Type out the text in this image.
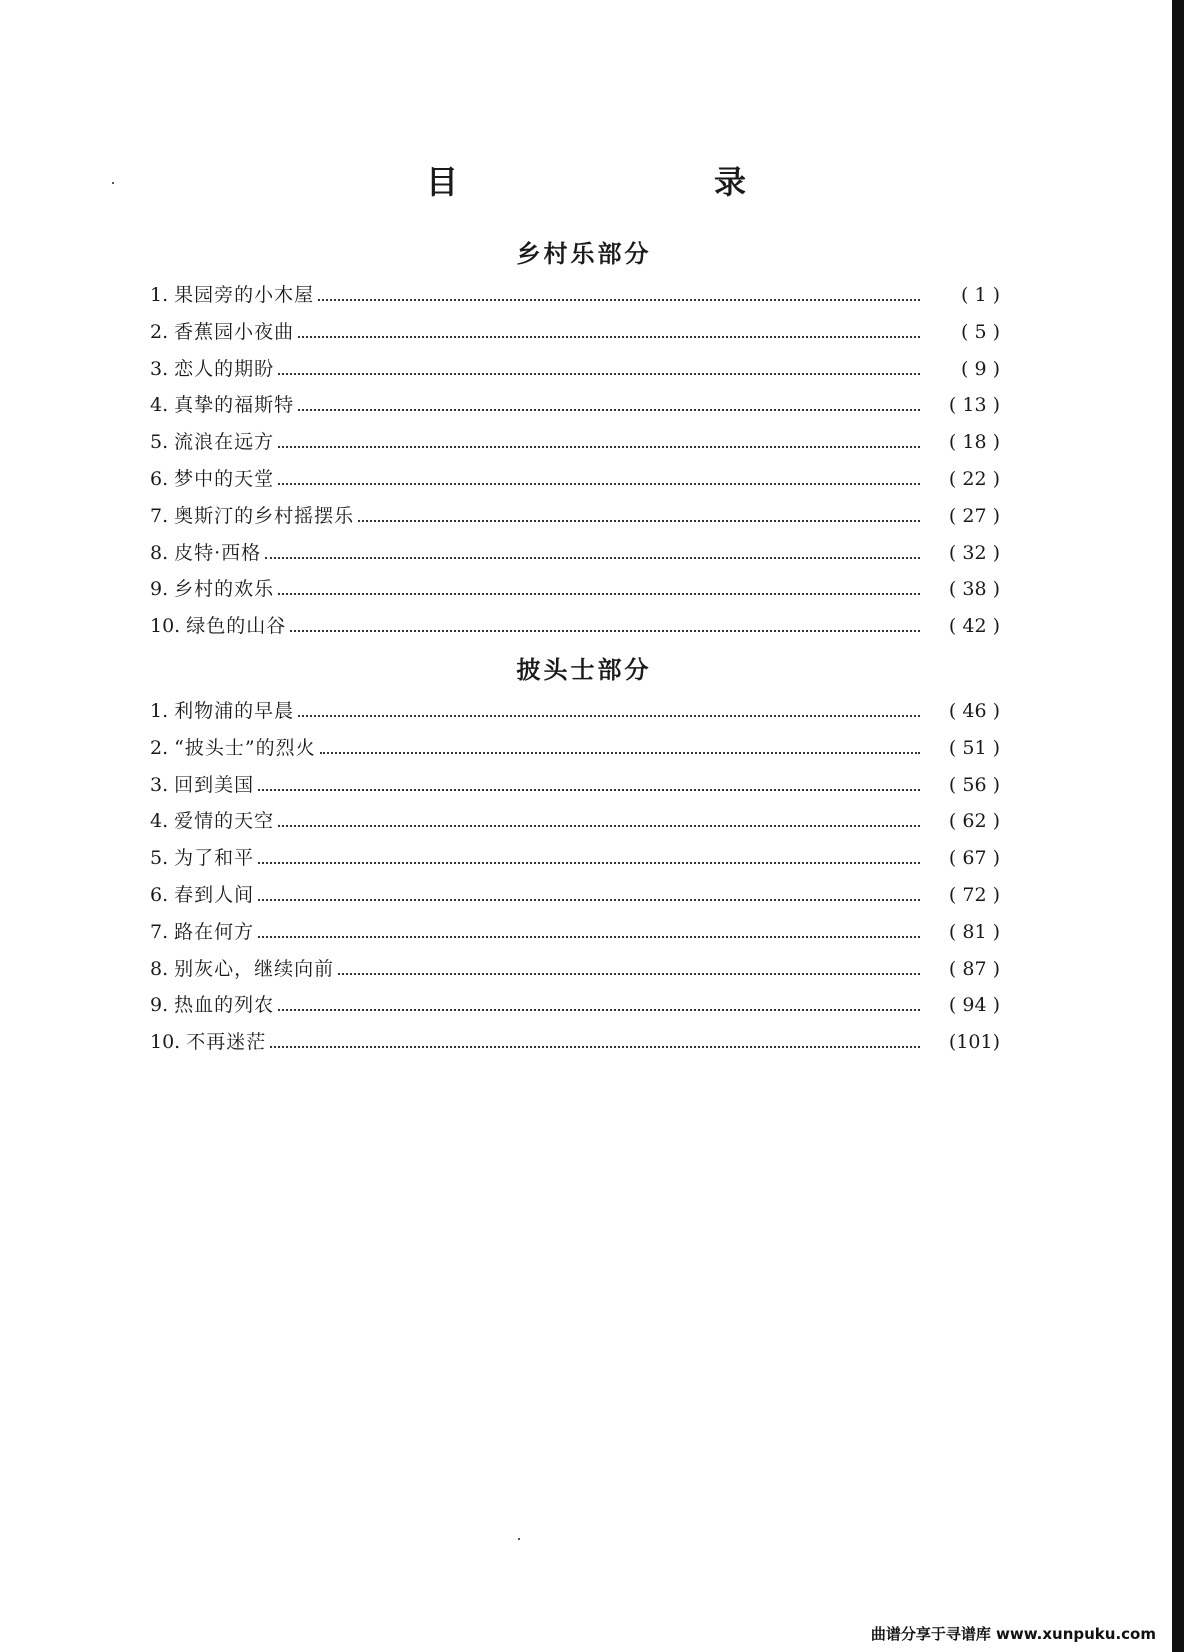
目　录
乡村乐部分
1. 果园旁的小木屋	( 1 )
2. 香蕉园小夜曲	( 5 )
3. 恋人的期盼	( 9 )
4. 真挚的福斯特	( 13 )
5. 流浪在远方	( 18 )
6. 梦中的天堂	( 22 )
7. 奥斯汀的乡村摇摆乐	( 27 )
8. 皮特·西格	( 32 )
9. 乡村的欢乐	( 38 )
10. 绿色的山谷	( 42 )
披头士部分
1. 利物浦的早晨	( 46 )
2. “披头士”的烈火	( 51 )
3. 回到美国	( 56 )
4. 爱情的天空	( 62 )
5. 为了和平	( 67 )
6. 春到人间	( 72 )
7. 路在何方	( 81 )
8. 别灰心，继续向前	( 87 )
9. 热血的列农	( 94 )
10. 不再迷茫	(101)
曲谱分享于寻谱库 www.xunpuku.com
